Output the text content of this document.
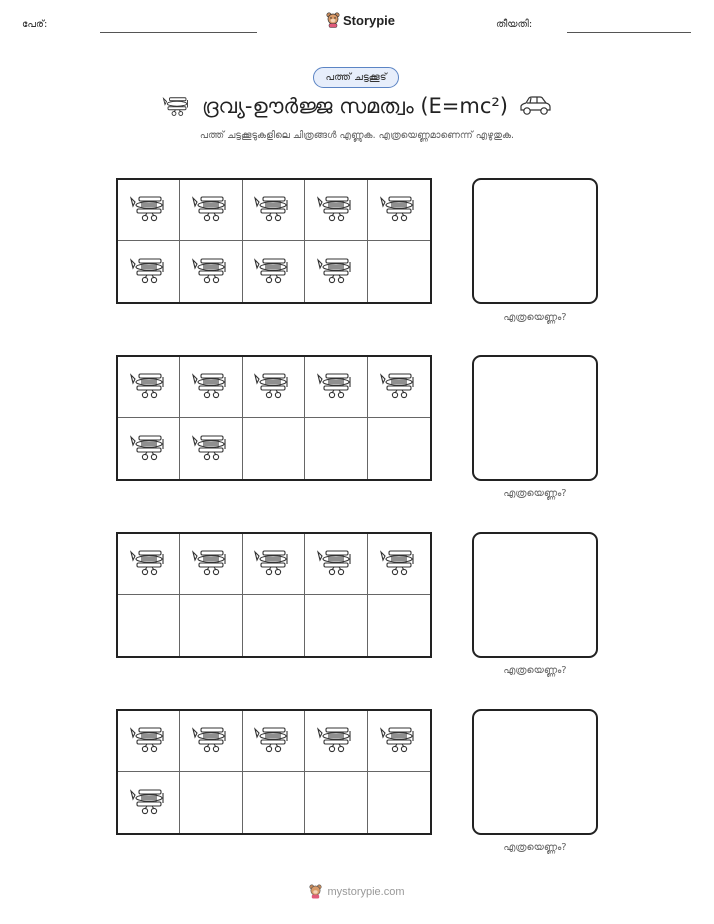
പേര്:	Storypie	തീയതി:
പത്ത് ചട്ടക്കൂട്
ദ്രവ്യ-ഊർജ്ജ സമത്വം (E=mc²)
പത്ത് ചട്ടക്കൂടുകളിലെ ചിത്രങ്ങൾ എണ്ണുക. എത്രയെണ്ണമാണെന്ന് എഴുതുക.
എത്രയെണ്ണം?
എത്രയെണ്ണം?
എത്രയെണ്ണം?
എത്രയെണ്ണം?
mystorypie.com
